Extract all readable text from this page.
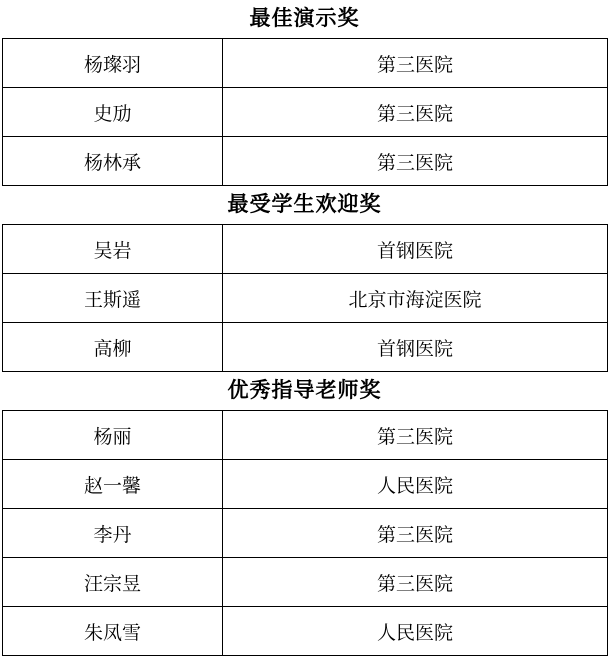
最佳演示奖
杨璨羽	第三医院
史劢	第三医院
杨林承	第三医院
最受学生欢迎奖
吴岩	首钢医院
王斯遥	北京市海淀医院
高柳	首钢医院
优秀指导老师奖
杨丽	第三医院
赵一馨	人民医院
李丹	第三医院
汪宗昱	第三医院
朱凤雪	人民医院
